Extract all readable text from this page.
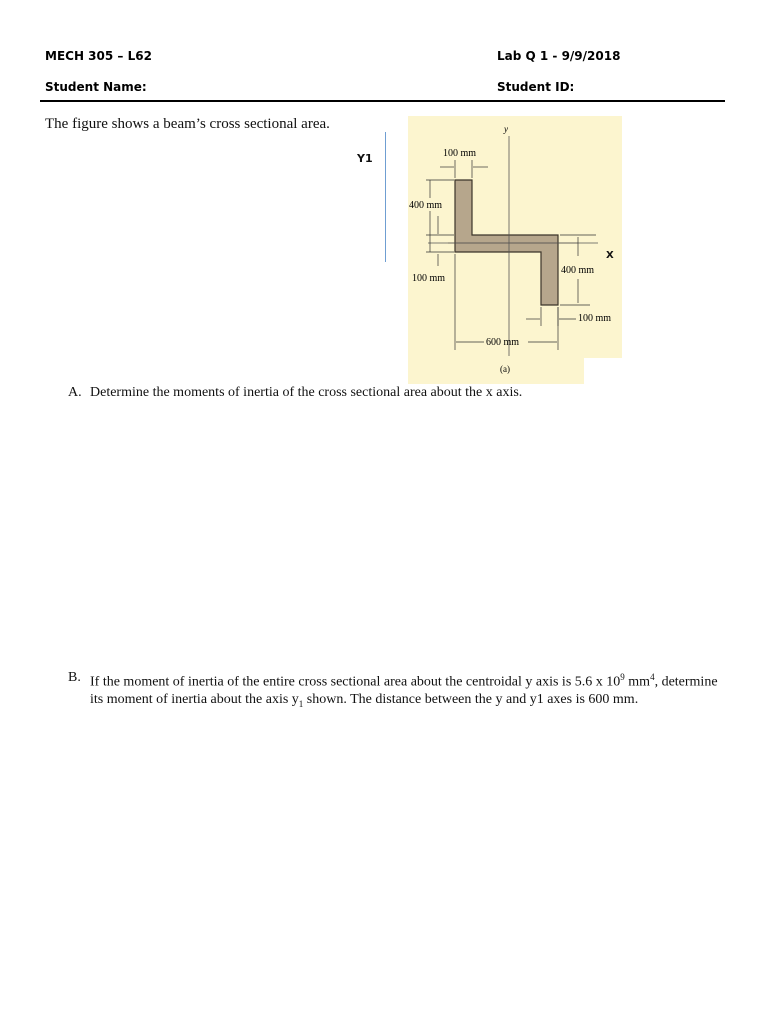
MECH 305 – L62	Lab Q 1 - 9/9/2018
Student Name:	Student ID:
The figure shows a beam’s cross sectional area.
Y1
y
100 mm
400 mm
100 mm
400 mm
100 mm
600 mm
(a)
X
A. Determine the moments of inertia of the cross sectional area about the x axis.
B. If the moment of inertia of the entire cross sectional area about the centroidal y axis is 5.6 x $10^9$ $mm^4$, determine its moment of inertia about the axis $y_1$ shown. The distance between the y and y1 axes is 600 mm.
